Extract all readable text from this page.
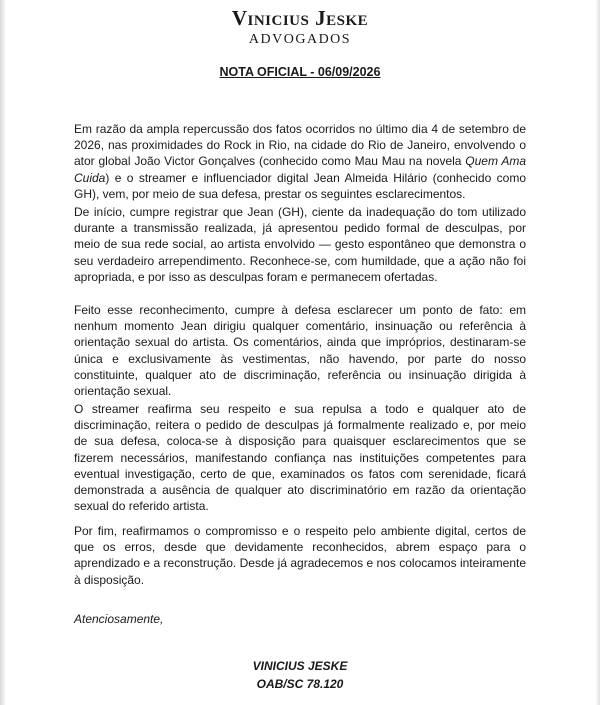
Vinicius Jeske
ADVOGADOS
NOTA OFICIAL - 06/09/2026

Em razão da ampla repercussão dos fatos ocorridos no último dia 4 de setembro de 2026, nas proximidades do Rock in Rio, na cidade do Rio de Janeiro, envolvendo o ator global João Victor Gonçalves (conhecido como Mau Mau na novela Quem Ama Cuida) e o streamer e influenciador digital Jean Almeida Hilário (conhecido como GH), vem, por meio de sua defesa, prestar os seguintes esclarecimentos.

De início, cumpre registrar que Jean (GH), ciente da inadequação do tom utilizado durante a transmissão realizada, já apresentou pedido formal de desculpas, por meio de sua rede social, ao artista envolvido — gesto espontâneo que demonstra o seu verdadeiro arrependimento. Reconhece-se, com humildade, que a ação não foi apropriada, e por isso as desculpas foram e permanecem ofertadas.

Feito esse reconhecimento, cumpre à defesa esclarecer um ponto de fato: em nenhum momento Jean dirigiu qualquer comentário, insinuação ou referência à orientação sexual do artista. Os comentários, ainda que impróprios, destinaram-se única e exclusivamente às vestimentas, não havendo, por parte do nosso constituinte, qualquer ato de discriminação, referência ou insinuação dirigida à orientação sexual.

O streamer reafirma seu respeito e sua repulsa a todo e qualquer ato de discriminação, reitera o pedido de desculpas já formalmente realizado e, por meio de sua defesa, coloca-se à disposição para quaisquer esclarecimentos que se fizerem necessários, manifestando confiança nas instituições competentes para eventual investigação, certo de que, examinados os fatos com serenidade, ficará demonstrada a ausência de qualquer ato discriminatório em razão da orientação sexual do referido artista.

Por fim, reafirmamos o compromisso e o respeito pelo ambiente digital, certos de que os erros, desde que devidamente reconhecidos, abrem espaço para o aprendizado e a reconstrução. Desde já agradecemos e nos colocamos inteiramente à disposição.

Atenciosamente,
VINICIUS JESKE
OAB/SC 78.120
